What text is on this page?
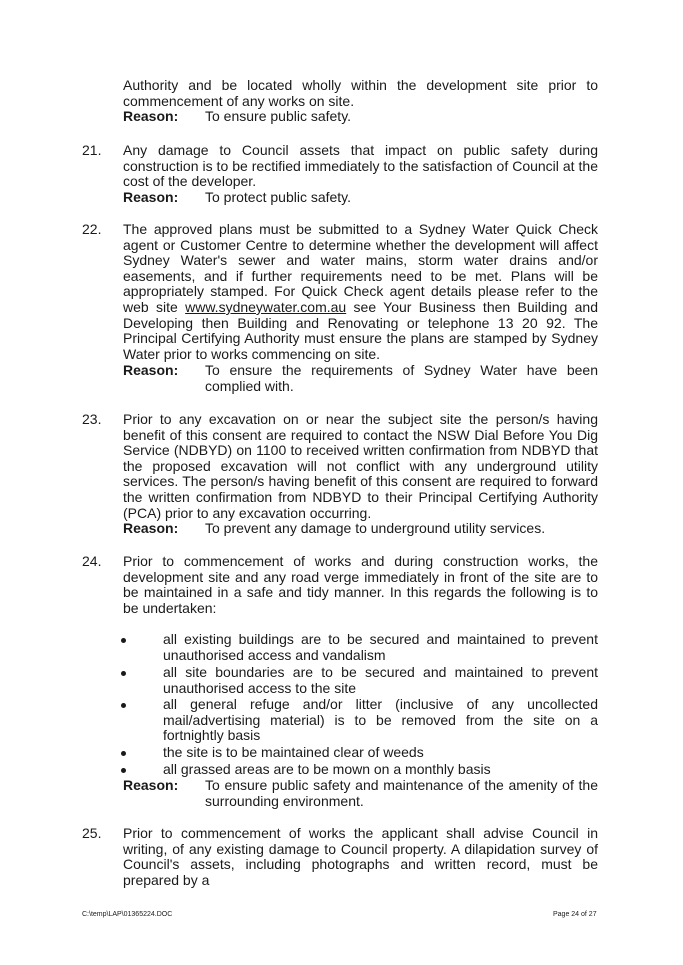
Authority and be located wholly within the development site prior to commencement of any works on site.
Reason: To ensure public safety.
21. Any damage to Council assets that impact on public safety during construction is to be rectified immediately to the satisfaction of Council at the cost of the developer.
Reason: To protect public safety.
22. The approved plans must be submitted to a Sydney Water Quick Check agent or Customer Centre to determine whether the development will affect Sydney Water's sewer and water mains, storm water drains and/or easements, and if further requirements need to be met. Plans will be appropriately stamped. For Quick Check agent details please refer to the web site www.sydneywater.com.au see Your Business then Building and Developing then Building and Renovating or telephone 13 20 92. The Principal Certifying Authority must ensure the plans are stamped by Sydney Water prior to works commencing on site.
Reason: To ensure the requirements of Sydney Water have been complied with.
23. Prior to any excavation on or near the subject site the person/s having benefit of this consent are required to contact the NSW Dial Before You Dig Service (NDBYD) on 1100 to received written confirmation from NDBYD that the proposed excavation will not conflict with any underground utility services. The person/s having benefit of this consent are required to forward the written confirmation from NDBYD to their Principal Certifying Authority (PCA) prior to any excavation occurring.
Reason: To prevent any damage to underground utility services.
24. Prior to commencement of works and during construction works, the development site and any road verge immediately in front of the site are to be maintained in a safe and tidy manner. In this regards the following is to be undertaken:
all existing buildings are to be secured and maintained to prevent unauthorised access and vandalism
all site boundaries are to be secured and maintained to prevent unauthorised access to the site
all general refuge and/or litter (inclusive of any uncollected mail/advertising material) is to be removed from the site on a fortnightly basis
the site is to be maintained clear of weeds
all grassed areas are to be mown on a monthly basis
Reason: To ensure public safety and maintenance of the amenity of the surrounding environment.
25. Prior to commencement of works the applicant shall advise Council in writing, of any existing damage to Council property. A dilapidation survey of Council's assets, including photographs and written record, must be prepared by a
C:\temp\LAP\01365224.DOC	Page 24 of 27
